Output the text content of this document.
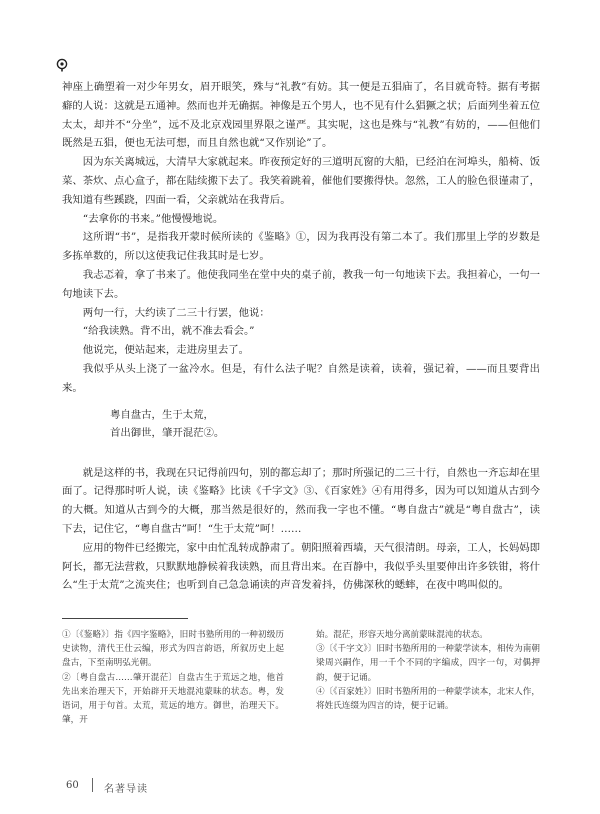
神座上确塑着一对少年男女，眉开眼笑，殊与“礼教”有妨。其一便是五猖庙了，名目就奇特。据有考据癖的人说：这就是五通神。然而也并无确据。神像是五个男人，也不见有什么猖獗之状；后面列坐着五位太太，却并不“分坐”，远不及北京戏园里界限之谨严。其实呢，这也是殊与“礼教”有妨的，——但他们既然是五猖，便也无法可想，而且自然也就“又作别论”了。

因为东关离城远，大清早大家就起来。昨夜预定好的三道明瓦窗的大船，已经泊在河埠头，船椅、饭菜、茶炊、点心盒子，都在陆续搬下去了。我笑着跳着，催他们要搬得快。忽然，工人的脸色很谨肃了，我知道有些蹊跷，四面一看，父亲就站在我背后。

“去拿你的书来。”他慢慢地说。

这所谓“书”，是指我开蒙时候所读的《鉴略》①，因为我再没有第二本了。我们那里上学的岁数是多拣单数的，所以这使我记住我其时是七岁。

我忐忑着，拿了书来了。他使我同坐在堂中央的桌子前，教我一句一句地读下去。我担着心，一句一句地读下去。

两句一行，大约读了二三十行罢，他说：

“给我读熟。背不出，就不准去看会。”

他说完，便站起来，走进房里去了。

我似乎从头上浇了一盆冷水。但是，有什么法子呢？自然是读着，读着，强记着，——而且要背出来。

粤自盘古，生于太荒，
首出御世，肇开混茫②。

就是这样的书，我现在只记得前四句，别的都忘却了；那时所强记的二三十行，自然也一齐忘却在里面了。记得那时听人说，读《鉴略》比读《千字文》③、《百家姓》④有用得多，因为可以知道从古到今的大概。知道从古到今的大概，那当然是很好的，然而我一字也不懂。“粤自盘古”就是“粤自盘古”，读下去，记住它，“粤自盘古”呵！“生于太荒”呵！……

应用的物件已经搬完，家中由忙乱转成静肃了。朝阳照着西墙，天气很清朗。母亲，工人，长妈妈即阿长，都无法营救，只默默地静候着我读熟，而且背出来。在百静中，我似乎头里要伸出许多铁钳，将什么“生于太荒”之流夹住；也听到自己急急诵读的声音发着抖，仿佛深秋的蟋蟀，在夜中鸣叫似的。

①〔《鉴略》〕指《四字鉴略》，旧时书塾所用的一种初级历史读物，清代王仕云编，形式为四言韵语，所叙历史上起盘古，下至南明弘光朝。

②〔粤自盘古……肇开混茫〕自盘古生于荒远之地，他首先出来治理天下，开始辟开天地混沌蒙昧的状态。粤，发语词，用于句首。太荒，荒远的地方。御世，治理天下。肇，开

始。混茫，形容天地分离前蒙昧混沌的状态。

③〔《千字文》〕旧时书塾所用的一种蒙学读本，相传为南朝梁周兴嗣作，用一千个不同的字编成，四字一句，对偶押韵，便于记诵。

④〔《百家姓》〕旧时书塾所用的一种蒙学读本，北宋人作，将姓氏连缀为四言的诗，便于记诵。

60	名著导读
